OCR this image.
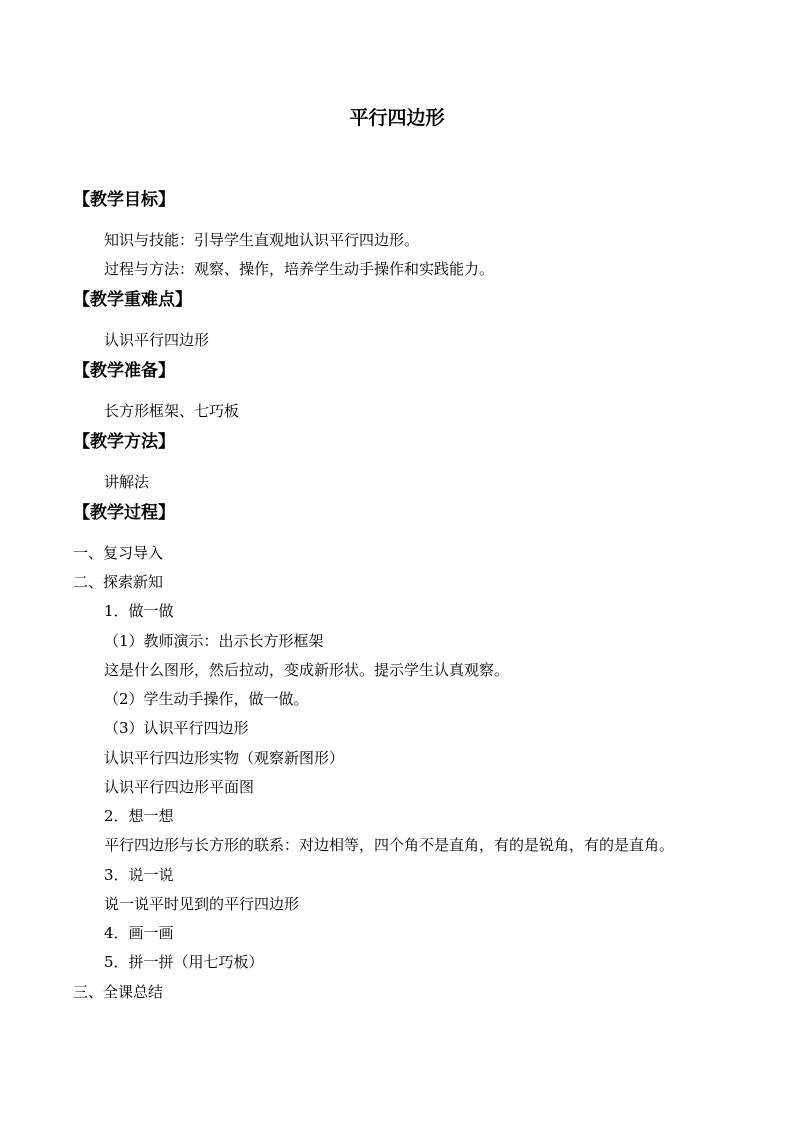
平行四边形
【教学目标】
知识与技能：引导学生直观地认识平行四边形。
过程与方法：观察、操作，培养学生动手操作和实践能力。
【教学重难点】
认识平行四边形
【教学准备】
长方形框架、七巧板
【教学方法】
讲解法
【教学过程】
一、复习导入
二、探索新知
1．做一做
（1）教师演示：出示长方形框架
这是什么图形，然后拉动，变成新形状。提示学生认真观察。
（2）学生动手操作，做一做。
（3）认识平行四边形
认识平行四边形实物（观察新图形）
认识平行四边形平面图
2．想一想
平行四边形与长方形的联系：对边相等，四个角不是直角，有的是锐角，有的是直角。
3．说一说
说一说平时见到的平行四边形
4．画一画
5．拼一拼（用七巧板）
三、全课总结
